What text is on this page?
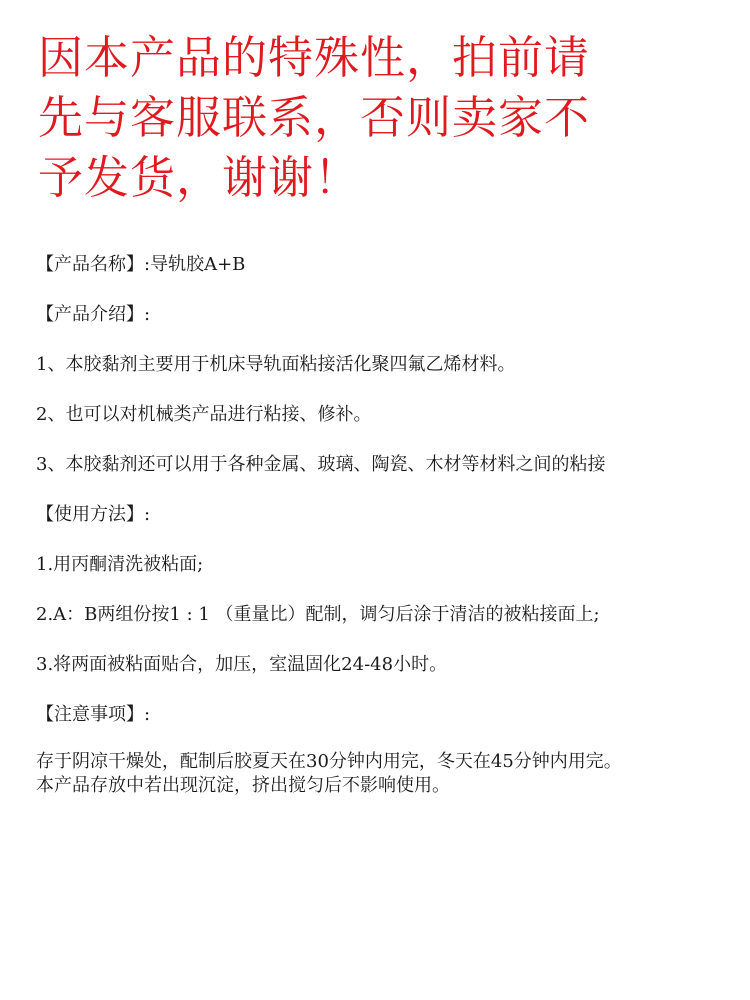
因本产品的特殊性，拍前请
先与客服联系，否则卖家不
予发货，谢谢！
【产品名称】:导轨胶A+B
【产品介绍】:
1、本胶黏剂主要用于机床导轨面粘接活化聚四氟乙烯材料。
2、也可以对机械类产品进行粘接、修补。
3、本胶黏剂还可以用于各种金属、玻璃、陶瓷、木材等材料之间的粘接
【使用方法】:
1.用丙酮清洗被粘面;
2.A：B两组份按1 : 1 （重量比）配制，调匀后涂于清洁的被粘接面上;
3.将两面被粘面贴合，加压，室温固化24-48小时。
【注意事项】:
存于阴凉干燥处，配制后胶夏天在30分钟内用完，冬天在45分钟内用完。
本产品存放中若出现沉淀，挤出搅匀后不影响使用。
